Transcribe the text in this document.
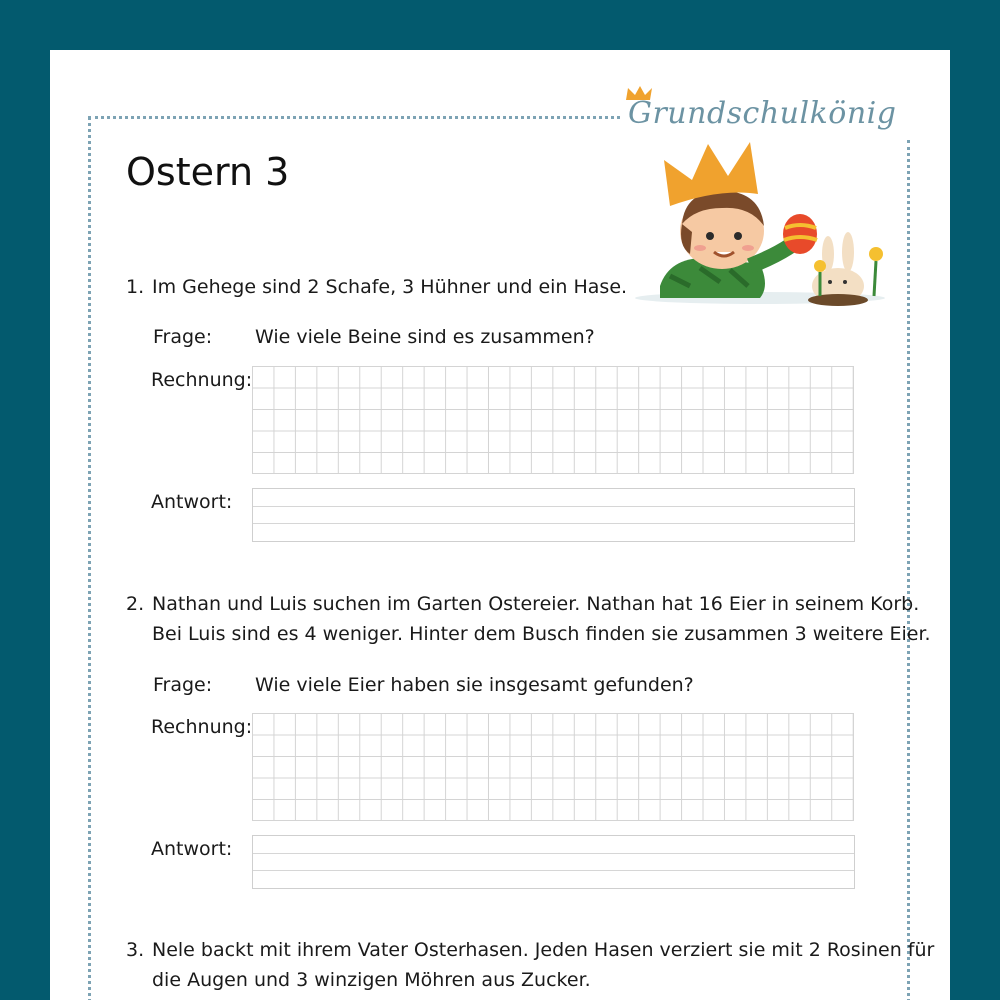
Grundschulkönig
Ostern 3
1. Im Gehege sind 2 Schafe, 3 Hühner und ein Hase.
Frage: Wie viele Beine sind es zusammen?
Rechnung:
Antwort:
2. Nathan und Luis suchen im Garten Ostereier. Nathan hat 16 Eier in seinem Korb.
Bei Luis sind es 4 weniger. Hinter dem Busch finden sie zusammen 3 weitere Eier.
Frage: Wie viele Eier haben sie insgesamt gefunden?
Rechnung:
Antwort:
3. Nele backt mit ihrem Vater Osterhasen. Jeden Hasen verziert sie mit 2 Rosinen für
die Augen und 3 winzigen Möhren aus Zucker.
